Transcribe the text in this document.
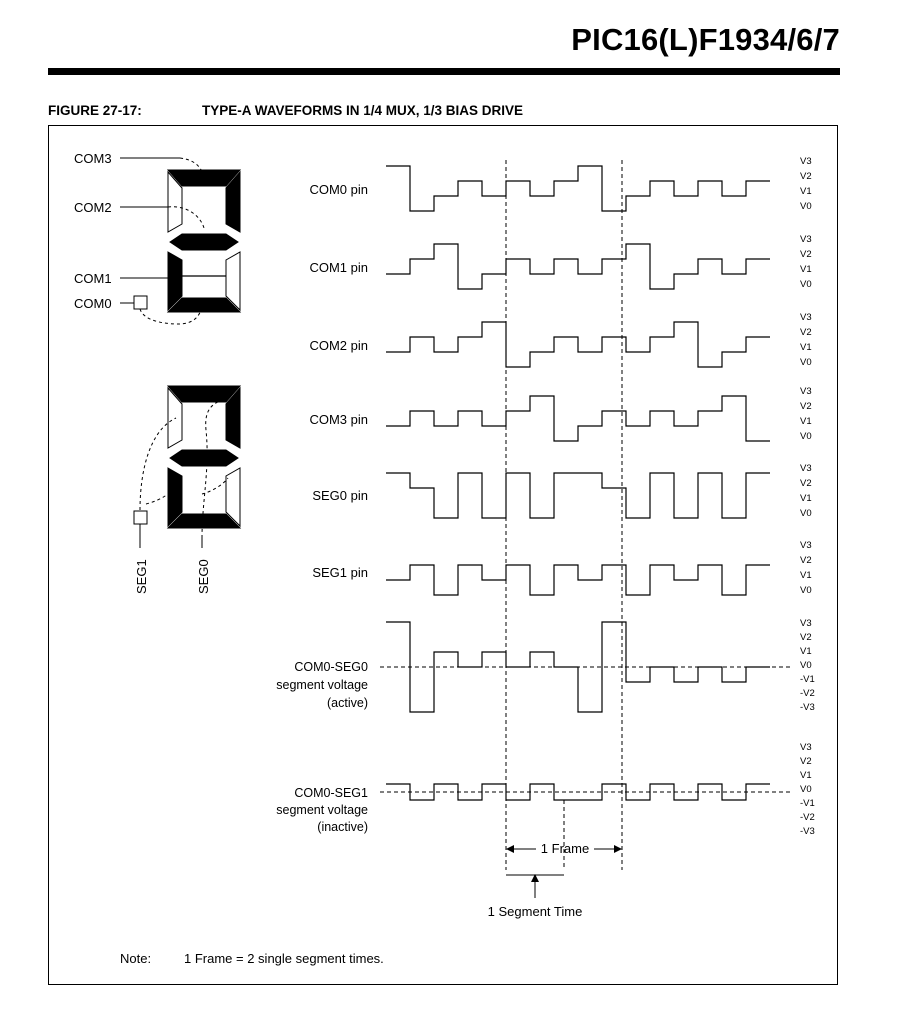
PIC16(L)F1934/6/7
FIGURE 27-17:	TYPE-A WAVEFORMS IN 1/4 MUX, 1/3 BIAS DRIVE
COM3
COM2
COM1
COM0
SEG1	SEG0
COM0 pin
COM1 pin
COM2 pin
COM3 pin
SEG0 pin
SEG1 pin
COM0-SEG0
segment voltage
(active)
COM0-SEG1
segment voltage
(inactive)
1 Frame
1 Segment Time
V3
V2
V1
V0
V3
V2
V1
V0
V3
V2
V1
V0
V3
V2
V1
V0
V3
V2
V1
V0
V3
V2
V1
V0
V3
V2
V1
V0
-V1
-V2
-V3
V3
V2
V1
V0
-V1
-V2
-V3
Note:	1 Frame = 2 single segment times.
